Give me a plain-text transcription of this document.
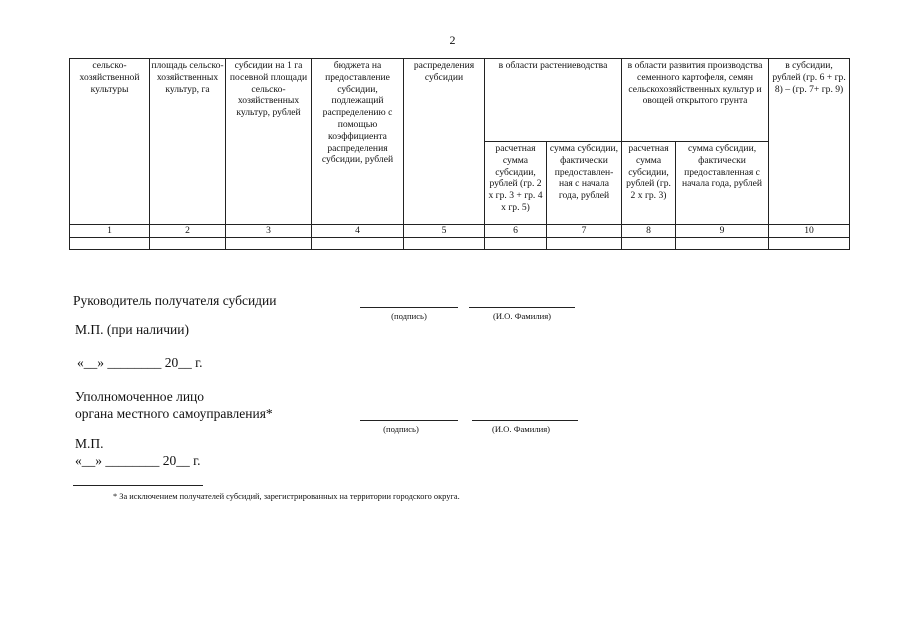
2
сельско-хозяйственной культуры	площадь сельско-хозяйственных культур, га	субсидии на 1 га посевной площади сельско-хозяйственных культур, рублей	бюджета на предоставление субсидии, подлежащий распределению с помощью коэффициента распределения субсидии, рублей	распределения субсидии	в области растениеводства		в области развития производства семенного картофеля, семян сельскохозяйственных культур и овощей открытого грунта		в субсидии, рублей (гр. 6 + гр. 8) – (гр. 7+ гр. 9)
					расчетная сумма субсидии, рублей (гр. 2 x гр. 3 + гр. 4 x гр. 5)	сумма субсидии, фактически предоставлен-ная с начала года, рублей	расчетная сумма субсидии, рублей (гр. 2 x гр. 3)	сумма субсидии, фактически предоставленная с начала года, рублей	
1	2	3	4	5	6	7	8	9	10

Руководитель получателя субсидии
(подпись)	(И.О. Фамилия)
М.П. (при наличии)
«__» ________ 20__ г.
Уполномоченное лицо
органа местного самоуправления*
(подпись)	(И.О. Фамилия)
М.П.
«__» ________ 20__ г.
* За исключением получателей субсидий, зарегистрированных на территории городского округа.
